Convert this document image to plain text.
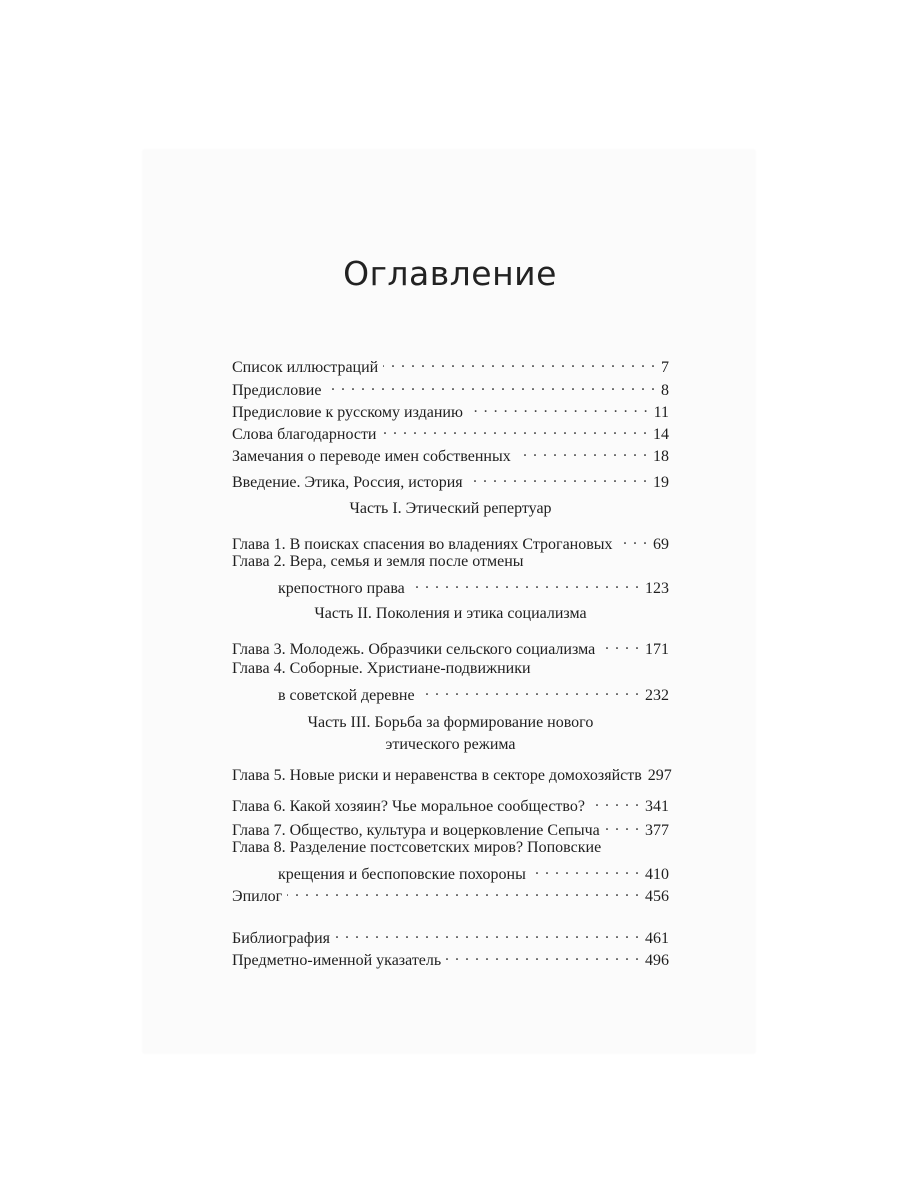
Оглавление
Список иллюстраций . . .	7
Предисловие . . .	8
Предисловие к русскому изданию . . .	11
Слова благодарности . . .	14
Замечания о переводе имен собственных . . .	18
Введение. Этика, Россия, история . . .	19
Часть I. Этический репертуар
Глава 1. В поисках спасения во владениях Строгановых . . .	69
Глава 2. Вера, семья и земля после отмены
крепостного права . . .	123
Часть II. Поколения и этика социализма
Глава 3. Молодежь. Образчики сельского социализма . . .	171
Глава 4. Соборные. Христиане-подвижники
в советской деревне . . .	232
Часть III. Борьба за формирование нового
этического режима
Глава 5. Новые риски и неравенства в секторе домохозяйств 297
Глава 6. Какой хозяин? Чье моральное сообщество? . . .	341
Глава 7. Общество, культура и воцерковление Сепыча . . .	377
Глава 8. Разделение постсоветских миров? Поповские
крещения и беспоповские похороны . . .	410
Эпилог . . .	456
Библиография . . .	461
Предметно-именной указатель . . .	496
